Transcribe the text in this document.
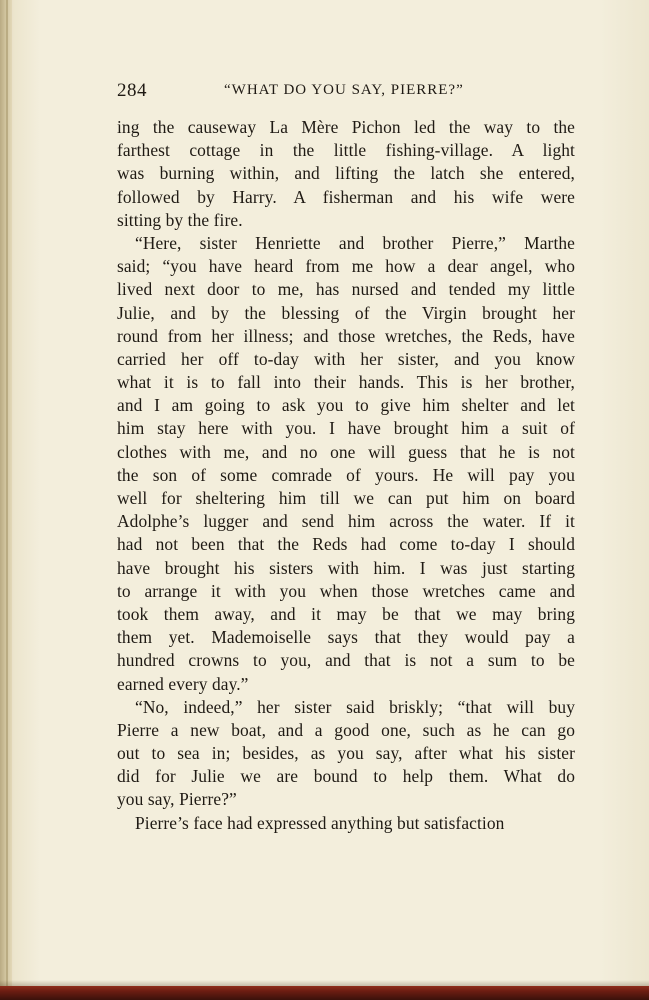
284	“WHAT DO YOU SAY, PIERRE?”
ing the causeway La Mère Pichon led the way to the
farthest cottage in the little fishing-village. A light
was burning within, and lifting the latch she entered,
followed by Harry. A fisherman and his wife were
sitting by the fire.
“Here, sister Henriette and brother Pierre,” Marthe
said; “you have heard from me how a dear angel, who
lived next door to me, has nursed and tended my little
Julie, and by the blessing of the Virgin brought her
round from her illness; and those wretches, the Reds, have
carried her off to-day with her sister, and you know
what it is to fall into their hands. This is her brother,
and I am going to ask you to give him shelter and let
him stay here with you. I have brought him a suit of
clothes with me, and no one will guess that he is not
the son of some comrade of yours. He will pay you
well for sheltering him till we can put him on board
Adolphe’s lugger and send him across the water. If it
had not been that the Reds had come to-day I should
have brought his sisters with him. I was just starting
to arrange it with you when those wretches came and
took them away, and it may be that we may bring
them yet. Mademoiselle says that they would pay a
hundred crowns to you, and that is not a sum to be
earned every day.”
“No, indeed,” her sister said briskly; “that will buy
Pierre a new boat, and a good one, such as he can go
out to sea in; besides, as you say, after what his sister
did for Julie we are bound to help them. What do
you say, Pierre?”
Pierre’s face had expressed anything but satisfaction
